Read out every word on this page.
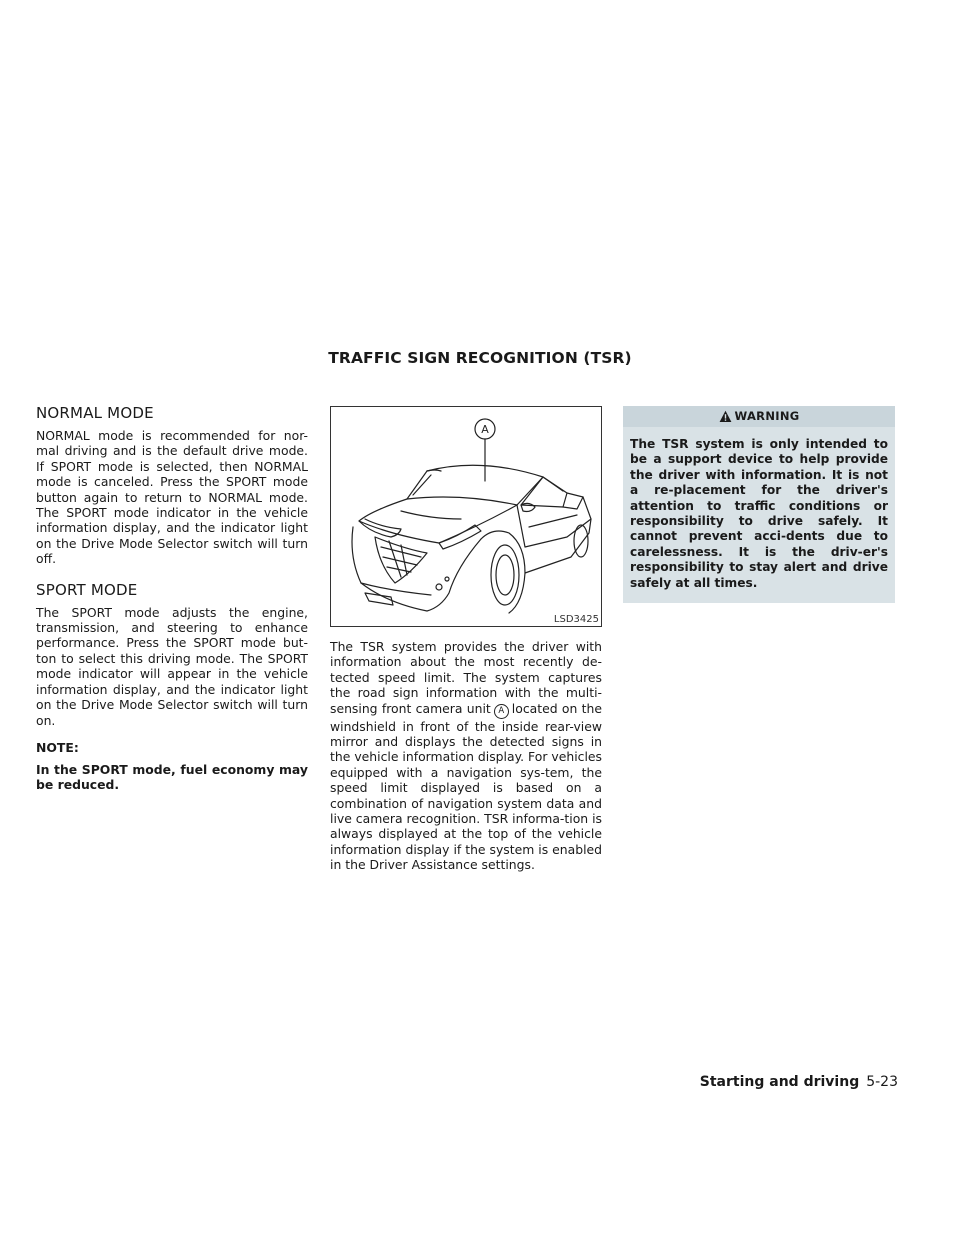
TRAFFIC SIGN RECOGNITION (TSR)
NORMAL MODE

NORMAL mode is recommended for nor-mal driving and is the default drive mode. If SPORT mode is selected, then NORMAL mode is canceled. Press the SPORT mode button again to return to NORMAL mode. The SPORT mode indicator in the vehicle information display, and the indicator light on the Drive Mode Selector switch will turn off.

SPORT MODE

The SPORT mode adjusts the engine, transmission, and steering to enhance performance. Press the SPORT mode but-ton to select this driving mode. The SPORT mode indicator will appear in the vehicle information display, and the indicator light on the Drive Mode Selector switch will turn on.

NOTE:

In the SPORT mode, fuel economy may be reduced.

A
LSD3425

The TSR system provides the driver with information about the most recently de-tected speed limit. The system captures the road sign information with the multi-sensing front camera unit A located on the windshield in front of the inside rear-view mirror and displays the detected signs in the vehicle information display. For vehicles equipped with a navigation sys-tem, the speed limit displayed is based on a combination of navigation system data and live camera recognition. TSR informa-tion is always displayed at the top of the vehicle information display if the system is enabled in the Driver Assistance settings.

WARNING
The TSR system is only intended to be a support device to help provide the driver with information. It is not a re-placement for the driver's attention to traffic conditions or responsibility to drive safely. It cannot prevent acci-dents due to carelessness. It is the driv-er's responsibility to stay alert and drive safely at all times.
Starting and driving 5-23
